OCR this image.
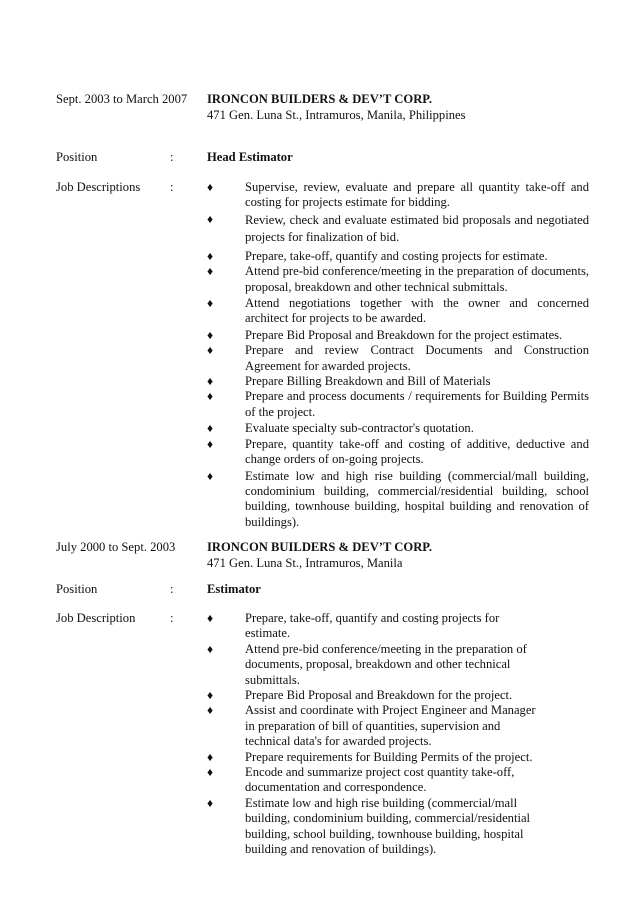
Sept. 2003 to March 2007 IRONCON BUILDERS & DEV’T CORP.
471 Gen. Luna St., Intramuros, Manila, Philippines
Position	:	Head Estimator
Job Descriptions :	♦	Supervise, review, evaluate and prepare all quantity take-off and costing for projects estimate for bidding.
♦	Review, check and evaluate estimated bid proposals and negotiated projects for finalization of bid.
♦	Prepare, take-off, quantify and costing projects for estimate.
♦	Attend pre-bid conference/meeting in the preparation of documents, proposal, breakdown and other technical submittals.
♦	Attend negotiations together with the owner and concerned architect for projects to be awarded.
♦	Prepare Bid Proposal and Breakdown for the project estimates.
♦	Prepare and review Contract Documents and Construction Agreement for awarded projects.
♦	Prepare Billing Breakdown and Bill of Materials
♦	Prepare and process documents / requirements for Building Permits of the project.
♦	Evaluate specialty sub-contractor's quotation.
♦	Prepare, quantity take-off and costing of additive, deductive and change orders of on-going projects.
♦	Estimate low and high rise building (commercial/mall building, condominium building, commercial/residential building, school building, townhouse building, hospital building and renovation of buildings).
July 2000 to Sept. 2003	IRONCON BUILDERS & DEV’T CORP.
471 Gen. Luna St., Intramuros, Manila
Position	:	Estimator
Job Description	:	♦	Prepare, take-off, quantify and costing projects for estimate.
♦	Attend pre-bid conference/meeting in the preparation of documents, proposal, breakdown and other technical submittals.
♦	Prepare Bid Proposal and Breakdown for the project.
♦	Assist and coordinate with Project Engineer and Manager in preparation of bill of quantities, supervision and technical data's for awarded projects.
♦	Prepare requirements for Building Permits of the project.
♦	Encode and summarize project cost quantity take-off, documentation and correspondence.
♦	Estimate low and high rise building (commercial/mall building, condominium building, commercial/residential building, school building, townhouse building, hospital building and renovation of buildings).
